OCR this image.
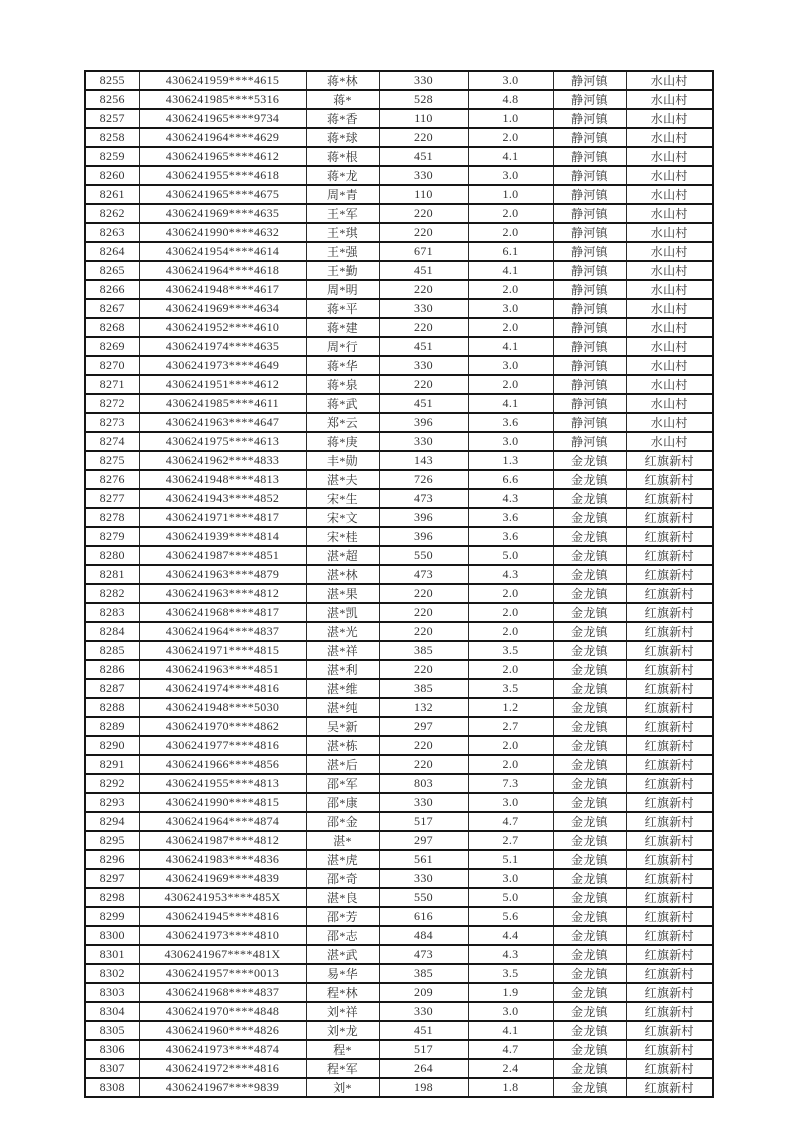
8255	4306241959****4615	蒋*林	330	3.0	静河镇	水山村
8256	4306241985****5316	蒋*	528	4.8	静河镇	水山村
8257	4306241965****9734	蒋*香	110	1.0	静河镇	水山村
8258	4306241964****4629	蒋*球	220	2.0	静河镇	水山村
8259	4306241965****4612	蒋*根	451	4.1	静河镇	水山村
8260	4306241955****4618	蒋*龙	330	3.0	静河镇	水山村
8261	4306241965****4675	周*青	110	1.0	静河镇	水山村
8262	4306241969****4635	王*军	220	2.0	静河镇	水山村
8263	4306241990****4632	王*琪	220	2.0	静河镇	水山村
8264	4306241954****4614	王*强	671	6.1	静河镇	水山村
8265	4306241964****4618	王*勤	451	4.1	静河镇	水山村
8266	4306241948****4617	周*明	220	2.0	静河镇	水山村
8267	4306241969****4634	蒋*平	330	3.0	静河镇	水山村
8268	4306241952****4610	蒋*建	220	2.0	静河镇	水山村
8269	4306241974****4635	周*行	451	4.1	静河镇	水山村
8270	4306241973****4649	蒋*华	330	3.0	静河镇	水山村
8271	4306241951****4612	蒋*泉	220	2.0	静河镇	水山村
8272	4306241985****4611	蒋*武	451	4.1	静河镇	水山村
8273	4306241963****4647	郑*云	396	3.6	静河镇	水山村
8274	4306241975****4613	蒋*庚	330	3.0	静河镇	水山村
8275	4306241962****4833	丰*勋	143	1.3	金龙镇	红旗新村
8276	4306241948****4813	湛*夫	726	6.6	金龙镇	红旗新村
8277	4306241943****4852	宋*生	473	4.3	金龙镇	红旗新村
8278	4306241971****4817	宋*文	396	3.6	金龙镇	红旗新村
8279	4306241939****4814	宋*桂	396	3.6	金龙镇	红旗新村
8280	4306241987****4851	湛*超	550	5.0	金龙镇	红旗新村
8281	4306241963****4879	湛*林	473	4.3	金龙镇	红旗新村
8282	4306241963****4812	湛*果	220	2.0	金龙镇	红旗新村
8283	4306241968****4817	湛*凯	220	2.0	金龙镇	红旗新村
8284	4306241964****4837	湛*光	220	2.0	金龙镇	红旗新村
8285	4306241971****4815	湛*祥	385	3.5	金龙镇	红旗新村
8286	4306241963****4851	湛*利	220	2.0	金龙镇	红旗新村
8287	4306241974****4816	湛*维	385	3.5	金龙镇	红旗新村
8288	4306241948****5030	湛*纯	132	1.2	金龙镇	红旗新村
8289	4306241970****4862	吴*新	297	2.7	金龙镇	红旗新村
8290	4306241977****4816	湛*栋	220	2.0	金龙镇	红旗新村
8291	4306241966****4856	湛*后	220	2.0	金龙镇	红旗新村
8292	4306241955****4813	邵*军	803	7.3	金龙镇	红旗新村
8293	4306241990****4815	邵*康	330	3.0	金龙镇	红旗新村
8294	4306241964****4874	邵*金	517	4.7	金龙镇	红旗新村
8295	4306241987****4812	湛*	297	2.7	金龙镇	红旗新村
8296	4306241983****4836	湛*虎	561	5.1	金龙镇	红旗新村
8297	4306241969****4839	邵*奇	330	3.0	金龙镇	红旗新村
8298	4306241953****485X	湛*良	550	5.0	金龙镇	红旗新村
8299	4306241945****4816	邵*芳	616	5.6	金龙镇	红旗新村
8300	4306241973****4810	邵*志	484	4.4	金龙镇	红旗新村
8301	4306241967****481X	湛*武	473	4.3	金龙镇	红旗新村
8302	4306241957****0013	易*华	385	3.5	金龙镇	红旗新村
8303	4306241968****4837	程*林	209	1.9	金龙镇	红旗新村
8304	4306241970****4848	刘*祥	330	3.0	金龙镇	红旗新村
8305	4306241960****4826	刘*龙	451	4.1	金龙镇	红旗新村
8306	4306241973****4874	程*	517	4.7	金龙镇	红旗新村
8307	4306241972****4816	程*军	264	2.4	金龙镇	红旗新村
8308	4306241967****9839	刘*	198	1.8	金龙镇	红旗新村
